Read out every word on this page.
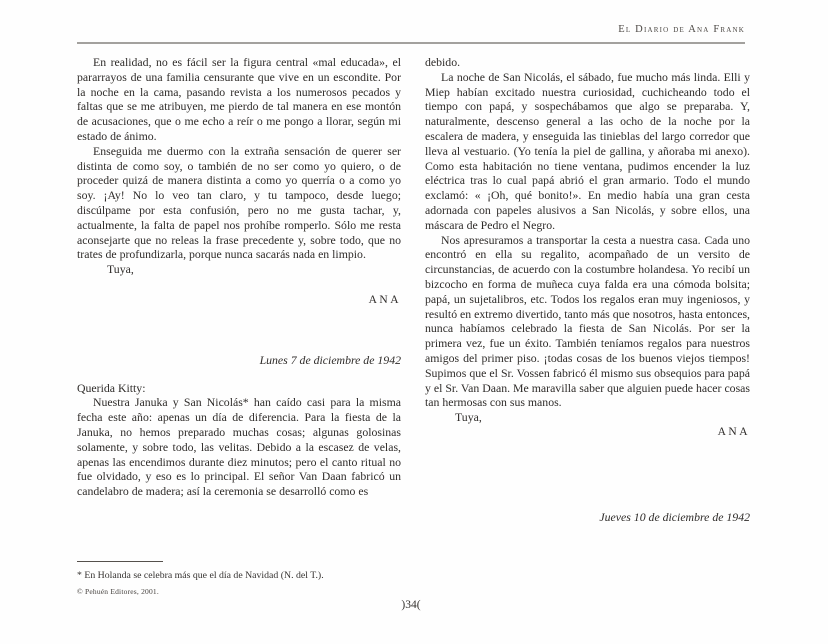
El Diario de Ana Frank

En realidad, no es fácil ser la figura central «mal educada», el pararrayos de una familia censurante que vive en un escondite. Por la noche en la cama, pasando revista a los numerosos pecados y faltas que se me atribuyen, me pierdo de tal manera en ese montón de acusaciones, que o me echo a reír o me pongo a llorar, según mi estado de ánimo.

Enseguida me duermo con la extraña sensación de querer ser distinta de como soy, o también de no ser como yo quiero, o de proceder quizá de manera distinta a como yo querría o a como yo soy. ¡Ay! No lo veo tan claro, y tu tampoco, desde luego; discúlpame por esta confusión, pero no me gusta tachar, y, actualmente, la falta de papel nos prohíbe romperlo. Sólo me resta aconsejarte que no releas la frase precedente y, sobre todo, que no trates de profundizarla, porque nunca sacarás nada en limpio.

Tuya,

ANA

Lunes 7 de diciembre de 1942

Querida Kitty:

Nuestra Januka y San Nicolás* han caído casi para la misma fecha este año: apenas un día de diferencia. Para la fiesta de la Januka, no hemos preparado muchas cosas; algunas golosinas solamente, y sobre todo, las velitas. Debido a la escasez de velas, apenas las encendimos durante diez minutos; pero el canto ritual no fue olvidado, y eso es lo principal. El señor Van Daan fabricó un candelabro de madera; así la ceremonia se desarrolló como es

debido.

La noche de San Nicolás, el sábado, fue mucho más linda. Elli y Miep habían excitado nuestra curiosidad, cuchicheando todo el tiempo con papá, y sospechábamos que algo se preparaba. Y, naturalmente, descenso general a las ocho de la noche por la escalera de madera, y enseguida las tinieblas del largo corredor que lleva al vestuario. (Yo tenía la piel de gallina, y añoraba mi anexo). Como esta habitación no tiene ventana, pudimos encender la luz eléctrica tras lo cual papá abrió el gran armario. Todo el mundo exclamó: « ¡Oh, qué bonito!». En medio había una gran cesta adornada con papeles alusivos a San Nicolás, y sobre ellos, una máscara de Pedro el Negro.

Nos apresuramos a transportar la cesta a nuestra casa. Cada uno encontró en ella su regalito, acompañado de un versito de circunstancias, de acuerdo con la costumbre holandesa. Yo recibí un bizcocho en forma de muñeca cuya falda era una cómoda bolsita; papá, un sujetalibros, etc. Todos los regalos eran muy ingeniosos, y resultó en extremo divertido, tanto más que nosotros, hasta entonces, nunca habíamos celebrado la fiesta de San Nicolás. Por ser la primera vez, fue un éxito. También teníamos regalos para nuestros amigos del primer piso. ¡todas cosas de los buenos viejos tiempos! Supimos que el Sr. Vossen fabricó él mismo sus obsequios para papá y el Sr. Van Daan. Me maravilla saber que alguien puede hacer cosas tan hermosas con sus manos.

Tuya,

ANA

Jueves 10 de diciembre de 1942

* En Holanda se celebra más que el día de Navidad (N. del T.).
© Pehuén Editores, 2001.
)34(
